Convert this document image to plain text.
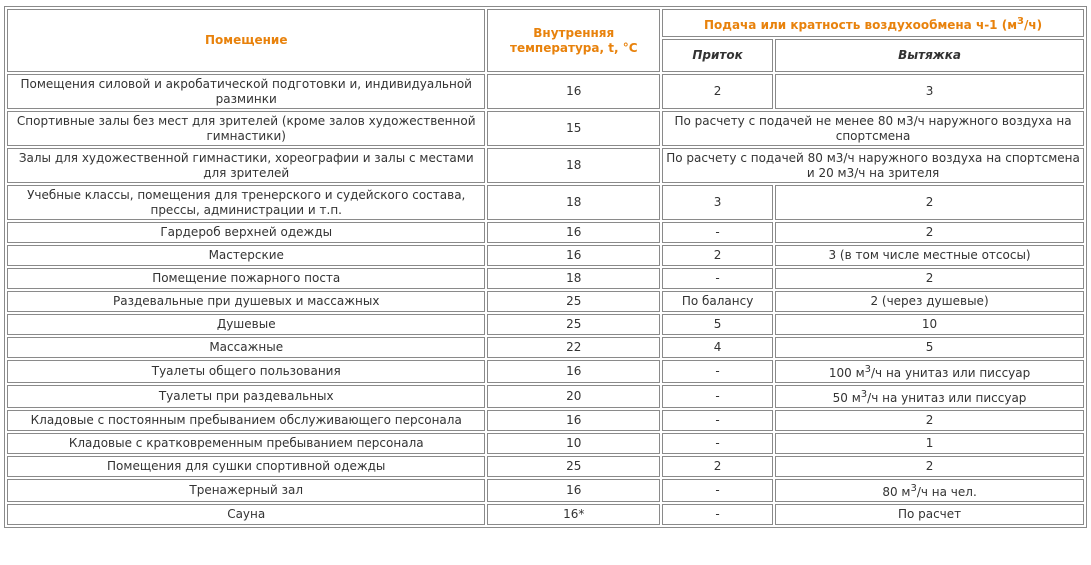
Помещение	Внутренняя температура, t, °С	Подача или кратность воздухообмена ч-1 $(м^3/ч)$	
		Приток	Вытяжка
Помещения силовой и акробатической подготовки и, индивидуальной разминки	16	2	3
Спортивные залы без мест для зрителей (кроме залов художественной гимнастики)	15	По расчету с подачей не менее 80 м3/ч наружного воздуха на спортсмена	
Залы для художественной гимнастики, хореографии и залы с местами для зрителей	18	По расчету с подачей 80 м3/ч наружного воздуха на спортсмена и 20 м3/ч на зрителя	
Учебные классы, помещения для тренерского и судейского состава, прессы, администрации и т.п.	18	3	2
Гардероб верхней одежды	16	-	2
Мастерские	16	2	3 (в том числе местные отсосы)
Помещение пожарного поста	18	-	2
Раздевальные при душевых и массажных	25	По балансу	2 (через душевые)
Душевые	25	5	10
Массажные	22	4	5
Туалеты общего пользования	16	-	100 $м^3/ч$ на унитаз или писсуар
Туалеты при раздевальных	20	-	50 $м^3/ч$ на унитаз или писсуар
Кладовые с постоянным пребыванием обслуживающего персонала	16	-	2
Кладовые с кратковременным пребыванием персонала	10	-	1
Помещения для сушки спортивной одежды	25	2	2
Тренажерный зал	16	-	80 $м^3/ч$ на чел.
Сауна	16*	-	По расчет
